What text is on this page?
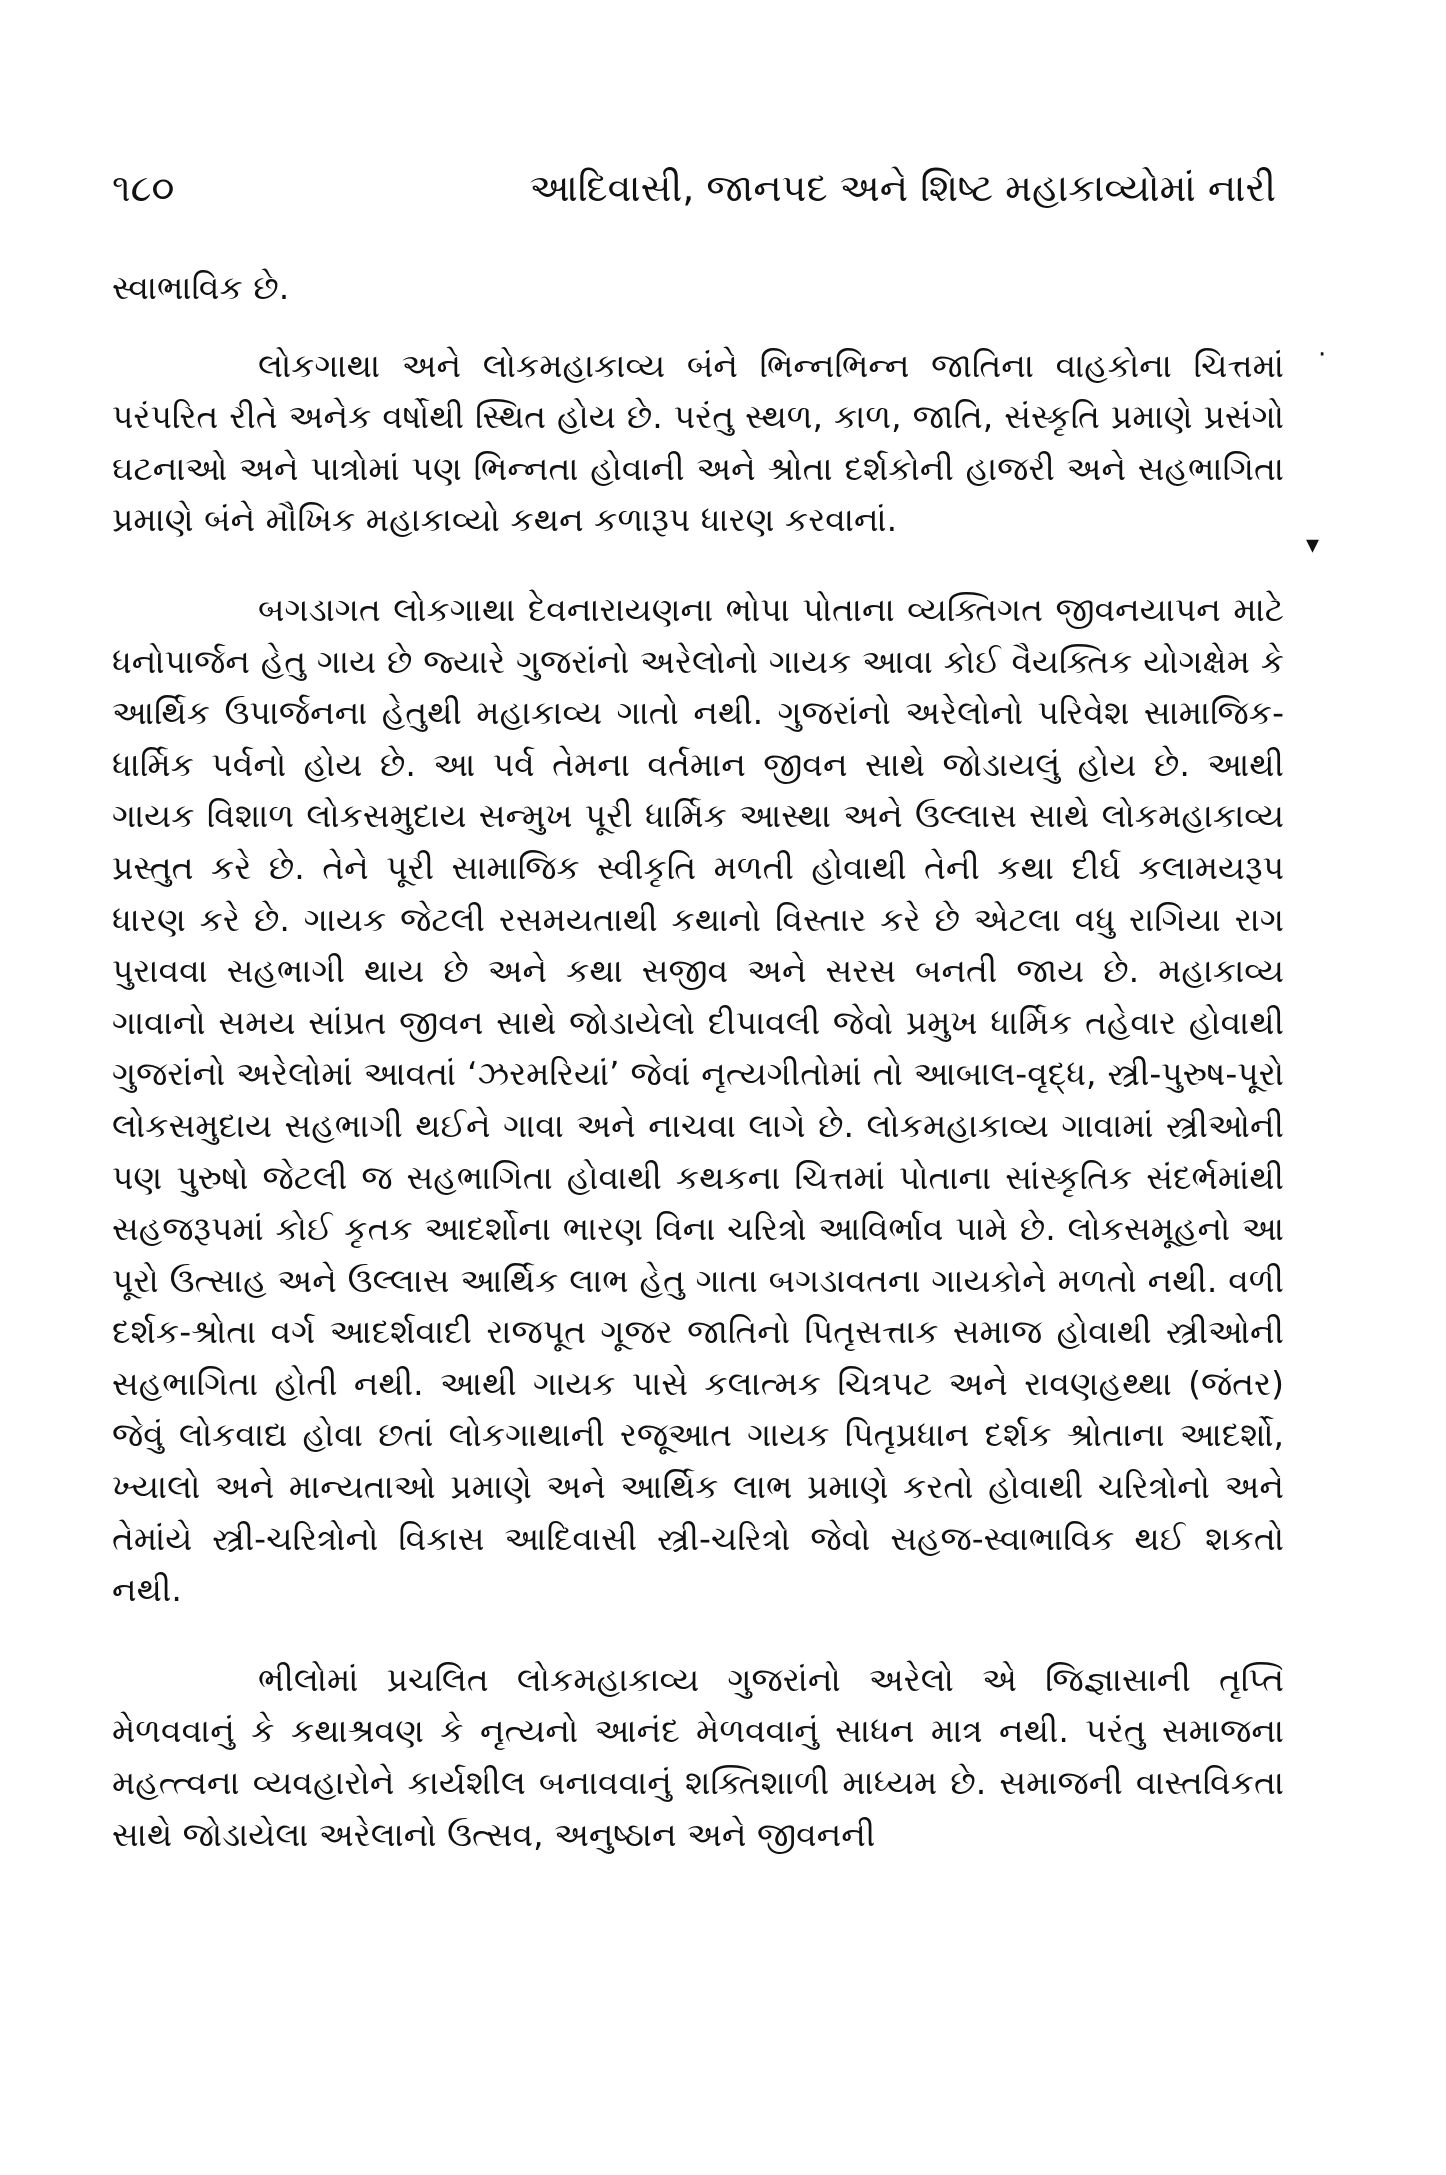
૧૮૦	આદિવાસી, જાનપદ અને શિષ્ટ મહાકાવ્યોમાં નારી

સ્વાભાવિક છે.

લોકગાથા અને લોકમહાકાવ્ય બંને ભિન્નભિન્ન જાતિના વાહકોના ચિત્તમાં પરંપરિત રીતે અનેક વર્ષોથી સ્થિત હોય છે. પરંતુ સ્થળ, કાળ, જાતિ, સંસ્કૃતિ પ્રમાણે પ્રસંગો ઘટનાઓ અને પાત્રોમાં પણ ભિન્નતા હોવાની અને શ્રોતા દર્શકોની હાજરી અને સહભાગિતા પ્રમાણે બંને મૌખિક મહાકાવ્યો કથન કળારૂપ ધારણ કરવાનાં.

બગડાગત લોકગાથા દેવનારાયણના ભોપા પોતાના વ્યક્તિગત જીવનયાપન માટે ધનોપાર્જન હેતુ ગાય છે જ્યારે ગુજરાંનો અરેલોનો ગાયક આવા કોઈ વૈયક્તિક યોગક્ષેમ કે આર્થિક ઉપાર્જનના હેતુથી મહાકાવ્ય ગાતો નથી. ગુજરાંનો અરેલોનો પરિવેશ સામાજિક-ધાર્મિક પર્વનો હોય છે. આ પર્વ તેમના વર્તમાન જીવન સાથે જોડાયલું હોય છે. આથી ગાયક વિશાળ લોકસમુદાય સન્મુખ પૂરી ધાર્મિક આસ્થા અને ઉલ્લાસ સાથે લોકમહાકાવ્ય પ્રસ્તુત કરે છે. તેને પૂરી સામાજિક સ્વીકૃતિ મળતી હોવાથી તેની કથા દીર્ઘ કલામયરૂપ ધારણ કરે છે. ગાયક જેટલી રસમયતાથી કથાનો વિસ્તાર કરે છે એટલા વધુ રાગિયા રાગ પુરાવવા સહભાગી થાય છે અને કથા સજીવ અને સરસ બનતી જાય છે. મહાકાવ્ય ગાવાનો સમય સાંપ્રત જીવન સાથે જોડાયેલો દીપાવલી જેવો પ્રમુખ ધાર્મિક તહેવાર હોવાથી ગુજરાંનો અરેલોમાં આવતાં ‘ઝરમરિયાં’ જેવાં નૃત્યગીતોમાં તો આબાલ-વૃદ્ધ, સ્ત્રી-પુરુષ-પૂરો લોકસમુદાય સહભાગી થઈને ગાવા અને નાચવા લાગે છે. લોકમહાકાવ્ય ગાવામાં સ્ત્રીઓની પણ પુરુષો જેટલી જ સહભાગિતા હોવાથી કથકના ચિત્તમાં પોતાના સાંસ્કૃતિક સંદર્ભમાંથી સહજરૂપમાં કોઈ કૃતક આદર્શોના ભારણ વિના ચરિત્રો આવિર્ભાવ પામે છે. લોકસમૂહનો આ પૂરો ઉત્સાહ અને ઉલ્લાસ આર્થિક લાભ હેતુ ગાતા બગડાવતના ગાયકોને મળતો નથી. વળી દર્શક-શ્રોતા વર્ગ આદર્શવાદી રાજપૂત ગૂજર જાતિનો પિતૃસત્તાક સમાજ હોવાથી સ્ત્રીઓની સહભાગિતા હોતી નથી. આથી ગાયક પાસે કલાત્મક ચિત્રપટ અને રાવણહથ્થા (જંતર) જેવું લોકવાદ્ય હોવા છતાં લોકગાથાની રજૂઆત ગાયક પિતૃપ્રધાન દર્શક શ્રોતાના આદર્શો, ખ્યાલો અને માન્યતાઓ પ્રમાણે અને આર્થિક લાભ પ્રમાણે કરતો હોવાથી ચરિત્રોનો અને તેમાંયે સ્ત્રી-ચરિત્રોનો વિકાસ આદિવાસી સ્ત્રી-ચરિત્રો જેવો સહજ-સ્વાભાવિક થઈ શકતો નથી.

ભીલોમાં પ્રચલિત લોકમહાકાવ્ય ગુજરાંનો અરેલો એ જિજ્ઞાસાની તૃપ્તિ મેળવવાનું કે કથાશ્રવણ કે નૃત્યનો આનંદ મેળવવાનું સાધન માત્ર નથી. પરંતુ સમાજના મહત્ત્વના વ્યવહારોને કાર્યશીલ બનાવવાનું શક્તિશાળી માધ્યમ છે. સમાજની વાસ્તવિકતા સાથે જોડાયેલા અરેલાનો ઉત્સવ, અનુષ્ઠાન અને જીવનની

·
▾
